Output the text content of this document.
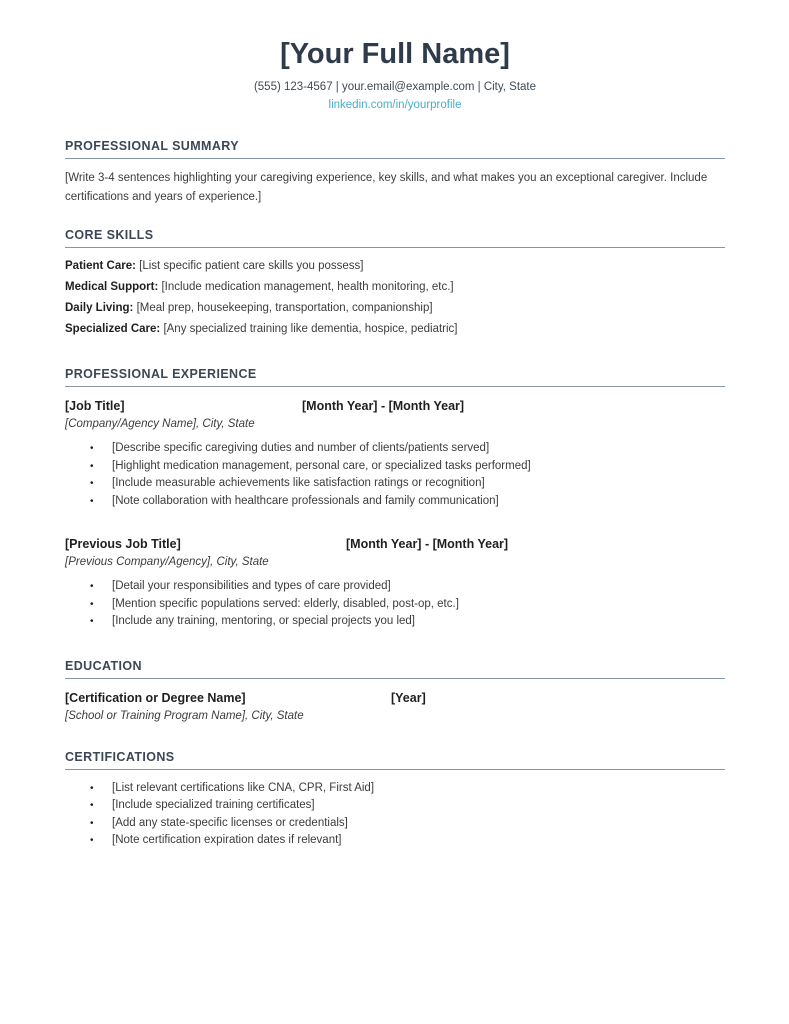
[Your Full Name]
(555) 123-4567 | your.email@example.com | City, State
linkedin.com/in/yourprofile
PROFESSIONAL SUMMARY
[Write 3-4 sentences highlighting your caregiving experience, key skills, and what makes you an exceptional caregiver. Include certifications and years of experience.]
CORE SKILLS
Patient Care: [List specific patient care skills you possess]
Medical Support: [Include medication management, health monitoring, etc.]
Daily Living: [Meal prep, housekeeping, transportation, companionship]
Specialized Care: [Any specialized training like dementia, hospice, pediatric]
PROFESSIONAL EXPERIENCE
[Job Title]	[Month Year] - [Month Year]
[Company/Agency Name], City, State
•	[Describe specific caregiving duties and number of clients/patients served]
•	[Highlight medication management, personal care, or specialized tasks performed]
•	[Include measurable achievements like satisfaction ratings or recognition]
•	[Note collaboration with healthcare professionals and family communication]
[Previous Job Title]	[Month Year] - [Month Year]
[Previous Company/Agency], City, State
•	[Detail your responsibilities and types of care provided]
•	[Mention specific populations served: elderly, disabled, post-op, etc.]
•	[Include any training, mentoring, or special projects you led]
EDUCATION
[Certification or Degree Name]	[Year]
[School or Training Program Name], City, State
CERTIFICATIONS
•	[List relevant certifications like CNA, CPR, First Aid]
•	[Include specialized training certificates]
•	[Add any state-specific licenses or credentials]
•	[Note certification expiration dates if relevant]
